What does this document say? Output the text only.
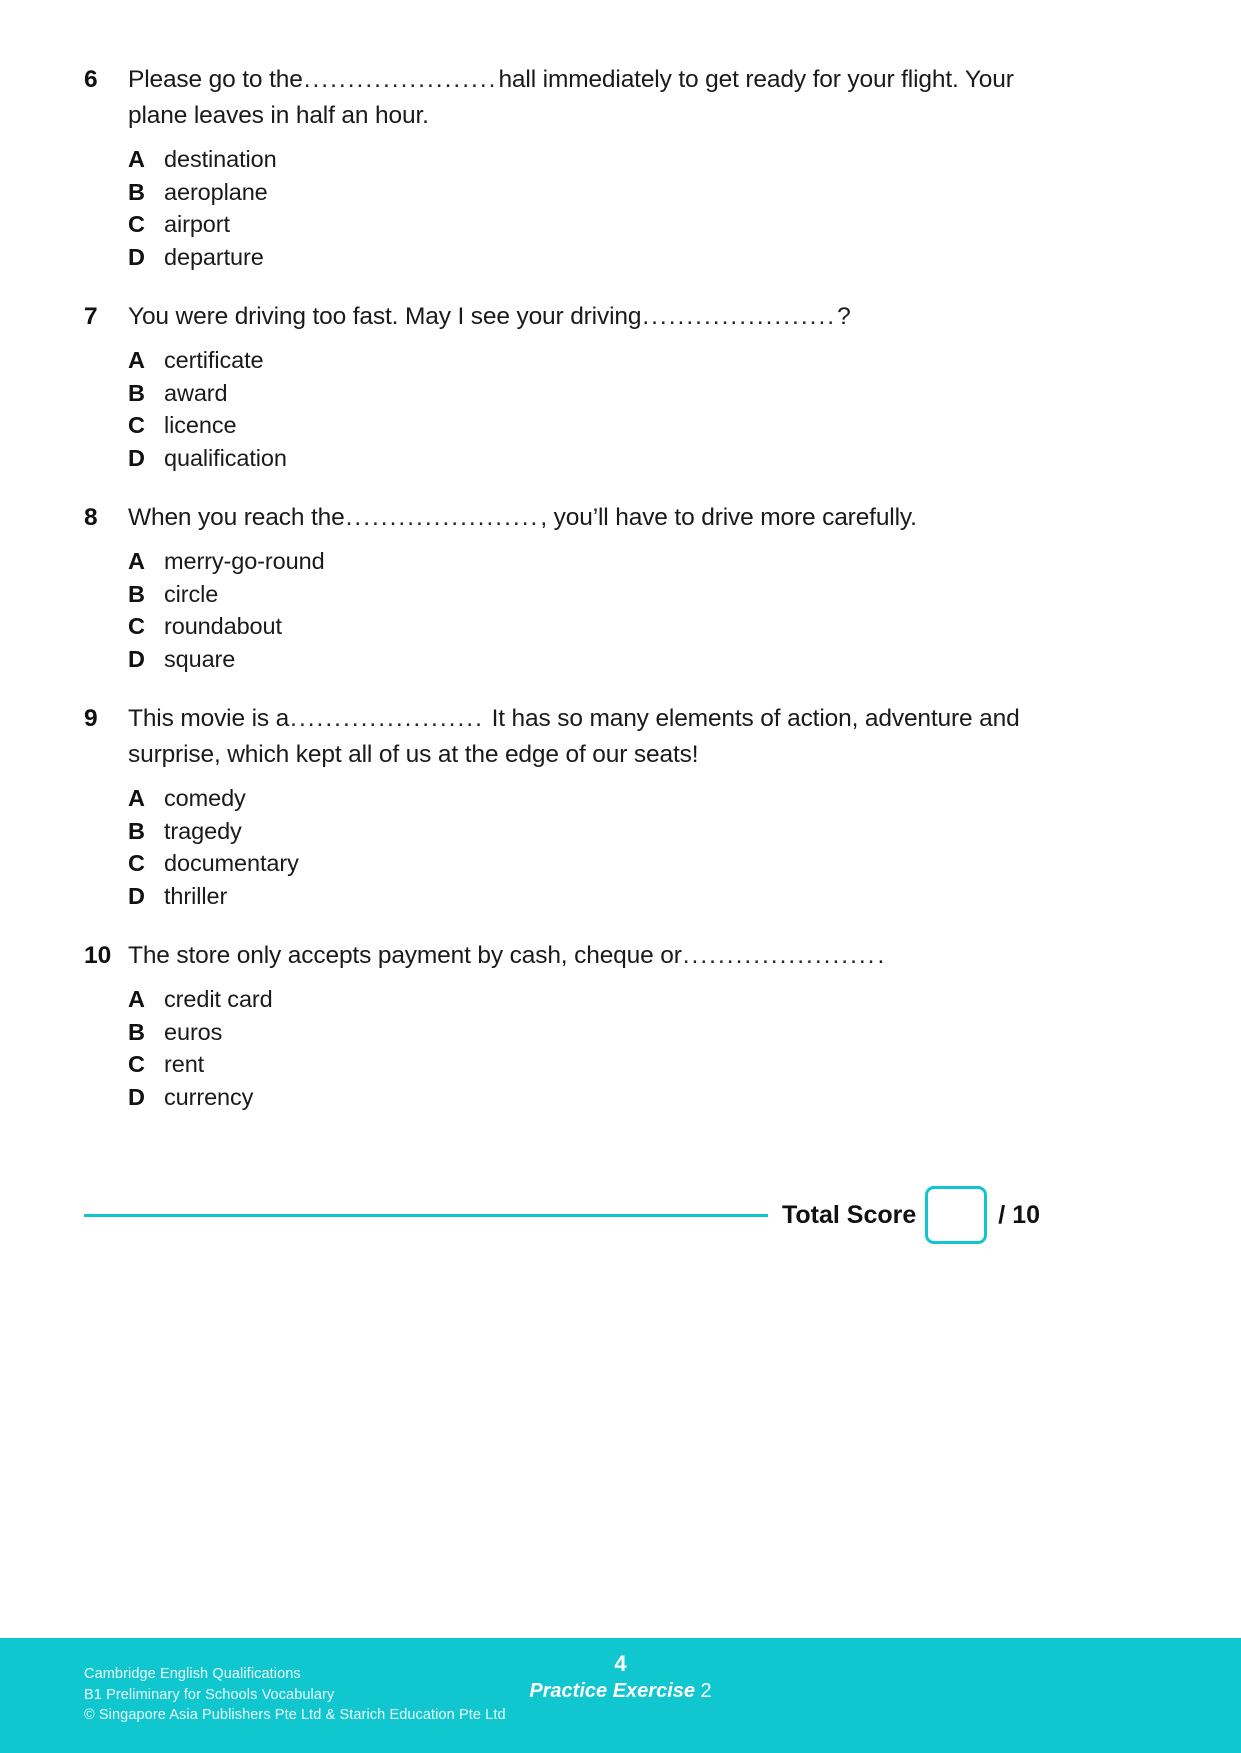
6	Please go to the......................hall immediately to get ready for your flight. Your plane leaves in half an hour.
A destination
B aeroplane
C airport
D departure
7	You were driving too fast. May I see your driving......................?
A certificate
B award
C licence
D qualification
8	When you reach the......................, you’ll have to drive more carefully.
A merry-go-round
B circle
C roundabout
D square
9	This movie is a...................... It has so many elements of action, adventure and surprise, which kept all of us at the edge of our seats!
A comedy
B tragedy
C documentary
D thriller
10 The store only accepts payment by cash, cheque or.......................
A credit card
B euros
C rent
D currency
Total Score	/ 10
Cambridge English Qualifications
B1 Preliminary for Schools Vocabulary
© Singapore Asia Publishers Pte Ltd & Starich Education Pte Ltd
4
Practice Exercise 2
